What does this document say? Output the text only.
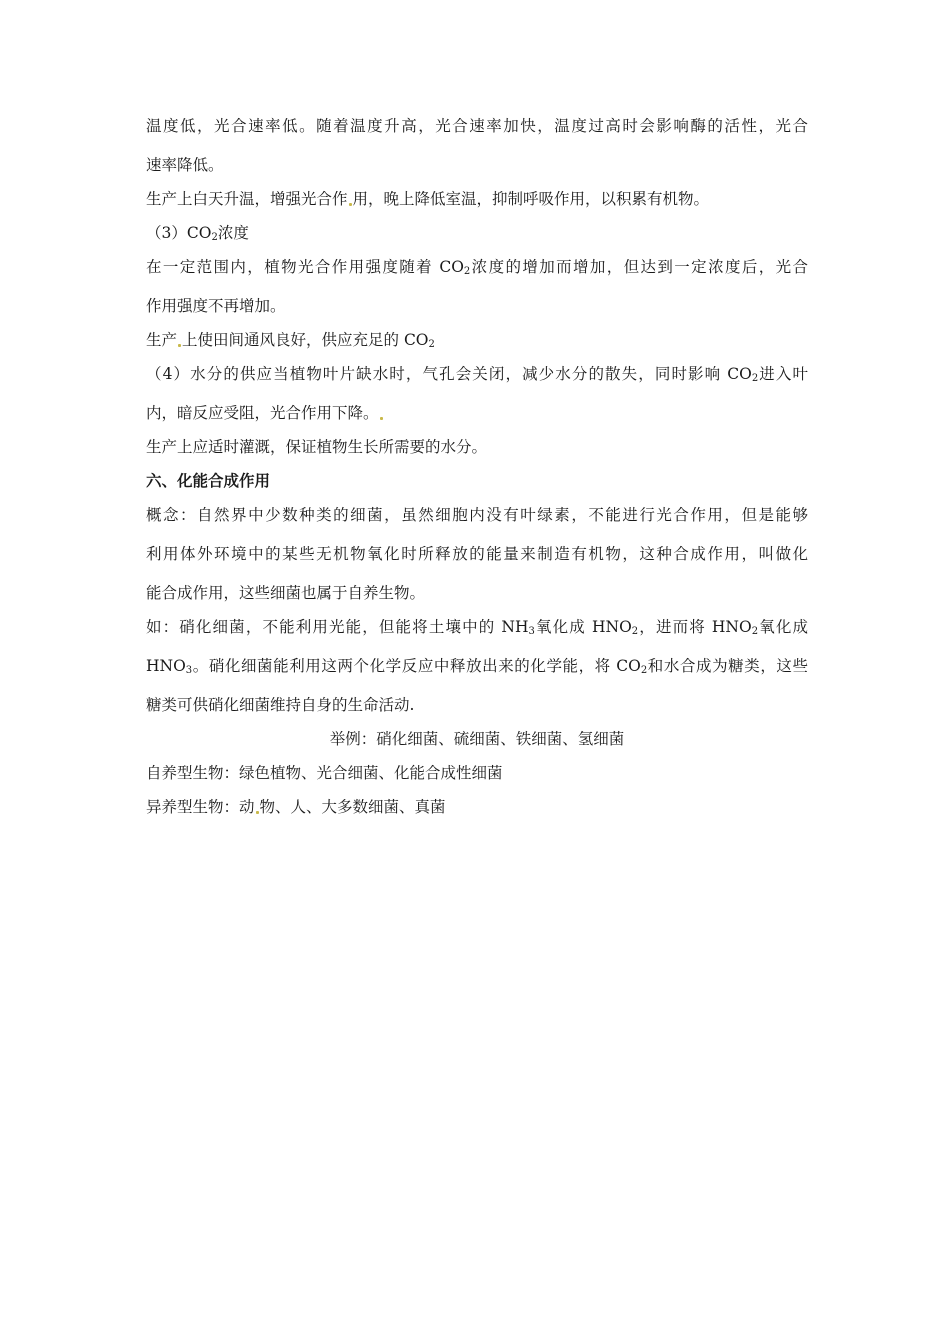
温度低，光合速率低。随着温度升高，光合速率加快，温度过高时会影响酶的活性，光合

速率降低。

生产上白天升温，增强光合作 用，晚上降低室温，抑制呼吸作用，以积累有机物。

$(3)CO_2$浓度

在一定范围内，植物光合作用强度随着 $CO_2$浓度的增加而增加，但达到一定浓度后，光合

作用强度不再增加。

生产 上使田间通风良好，供应充足的 $CO_2$

（4）水分的供应当植物叶片缺水时，气孔会关闭，减少水分的散失，同时影响 $CO_2$进入叶

内，暗反应受阻，光合作用下降。

生产上应适时灌溉，保证植物生长所需要的水分。

六、化能合成作用

概念：自然界中少数种类的细菌，虽然细胞内没有叶绿素，不能进行光合作用，但是能够

利用体外环境中的某些无机物氧化时所释放的能量来制造有机物，这种合成作用，叫做化

能合成作用，这些细菌也属于自养生物。

如：硝化细菌，不能利用光能，但能将土壤中的 $NH_3$氧化成 $HNO_2$，进而将 $HNO_2$氧化成

$HNO_3$。硝化细菌能利用这两个化学反应中释放出来的化学能，将 $CO_2$和水合成为糖类，这些

糖类可供硝化细菌维持自身的生命活动.

举例：硝化细菌、硫细菌、铁细菌、氢细菌

自养型生物：绿色植物、光合细菌、化能合成性细菌

异养型生物：动 物、人、大多数细菌、真菌
